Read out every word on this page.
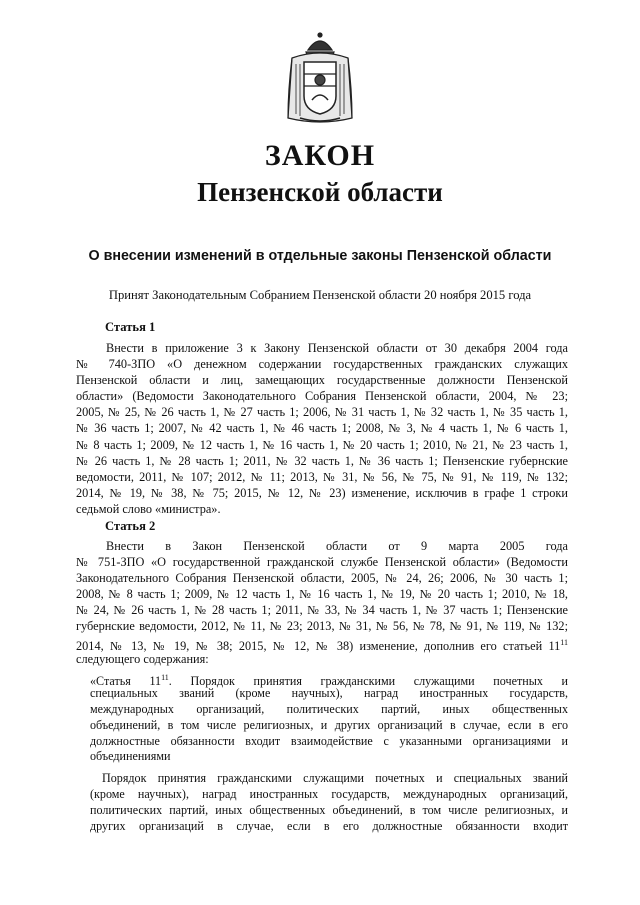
ЗАКОН
Пензенской области
О внесении изменений в отдельные законы Пензенской области
Принят Законодательным Собранием Пензенской области 20 ноября 2015 года
Статья 1
Внести в приложение 3 к Закону Пензенской области от 30 декабря 2004 года
№ 740-ЗПО «О денежном содержании государственных гражданских служащих
Пензенской области и лиц, замещающих государственные должности Пензенской
области» (Ведомости Законодательного Собрания Пензенской области, 2004, № 23;
2005, № 25, № 26 часть 1, № 27 часть 1; 2006, № 31 часть 1, № 32 часть 1, № 35 часть 1,
№ 36 часть 1; 2007, № 42 часть 1, № 46 часть 1; 2008, № 3, № 4 часть 1, № 6 часть 1,
№ 8 часть 1; 2009, № 12 часть 1, № 16 часть 1, № 20 часть 1; 2010, № 21, № 23 часть 1,
№ 26 часть 1, № 28 часть 1; 2011, № 32 часть 1, № 36 часть 1; Пензенские губернские
ведомости, 2011, № 107; 2012, № 11; 2013, № 31, № 56, № 75, № 91, № 119, № 132;
2014, № 19, № 38, № 75; 2015, № 12, № 23) изменение, исключив в графе 1 строки
седьмой слово «министра».
Статья 2
Внести в Закон Пензенской области от 9 марта 2005 года
№ 751-ЗПО «О государственной гражданской службе Пензенской области» (Ведомости
Законодательного Собрания Пензенской области, 2005, № 24, 26; 2006, № 30 часть 1;
2008, № 8 часть 1; 2009, № 12 часть 1, № 16 часть 1, № 19, № 20 часть 1; 2010, № 18,
№ 24, № 26 часть 1, № 28 часть 1; 2011, № 33, № 34 часть 1, № 37 часть 1; Пензенские
губернские ведомости, 2012, № 11, № 23; 2013, № 31, № 56, № 78, № 91, № 119, № 132;
2014, № 13, № 19, № 38; 2015, № 12, № 38) изменение, дополнив его статьей $11^{11}$
следующего содержания:
«Статья $11^{11}$. Порядок принятия гражданскими служащими почетных и
специальных званий (кроме научных), наград иностранных государств,
международных организаций, политических партий, иных общественных
объединений, в том числе религиозных, и других организаций в случае, если в его
должностные обязанности входит взаимодействие с указанными организациями и
объединениями
Порядок принятия гражданскими служащими почетных и специальных званий
(кроме научных), наград иностранных государств, международных организаций,
политических партий, иных общественных объединений, в том числе религиозных, и
других организаций в случае, если в его должностные обязанности входит
